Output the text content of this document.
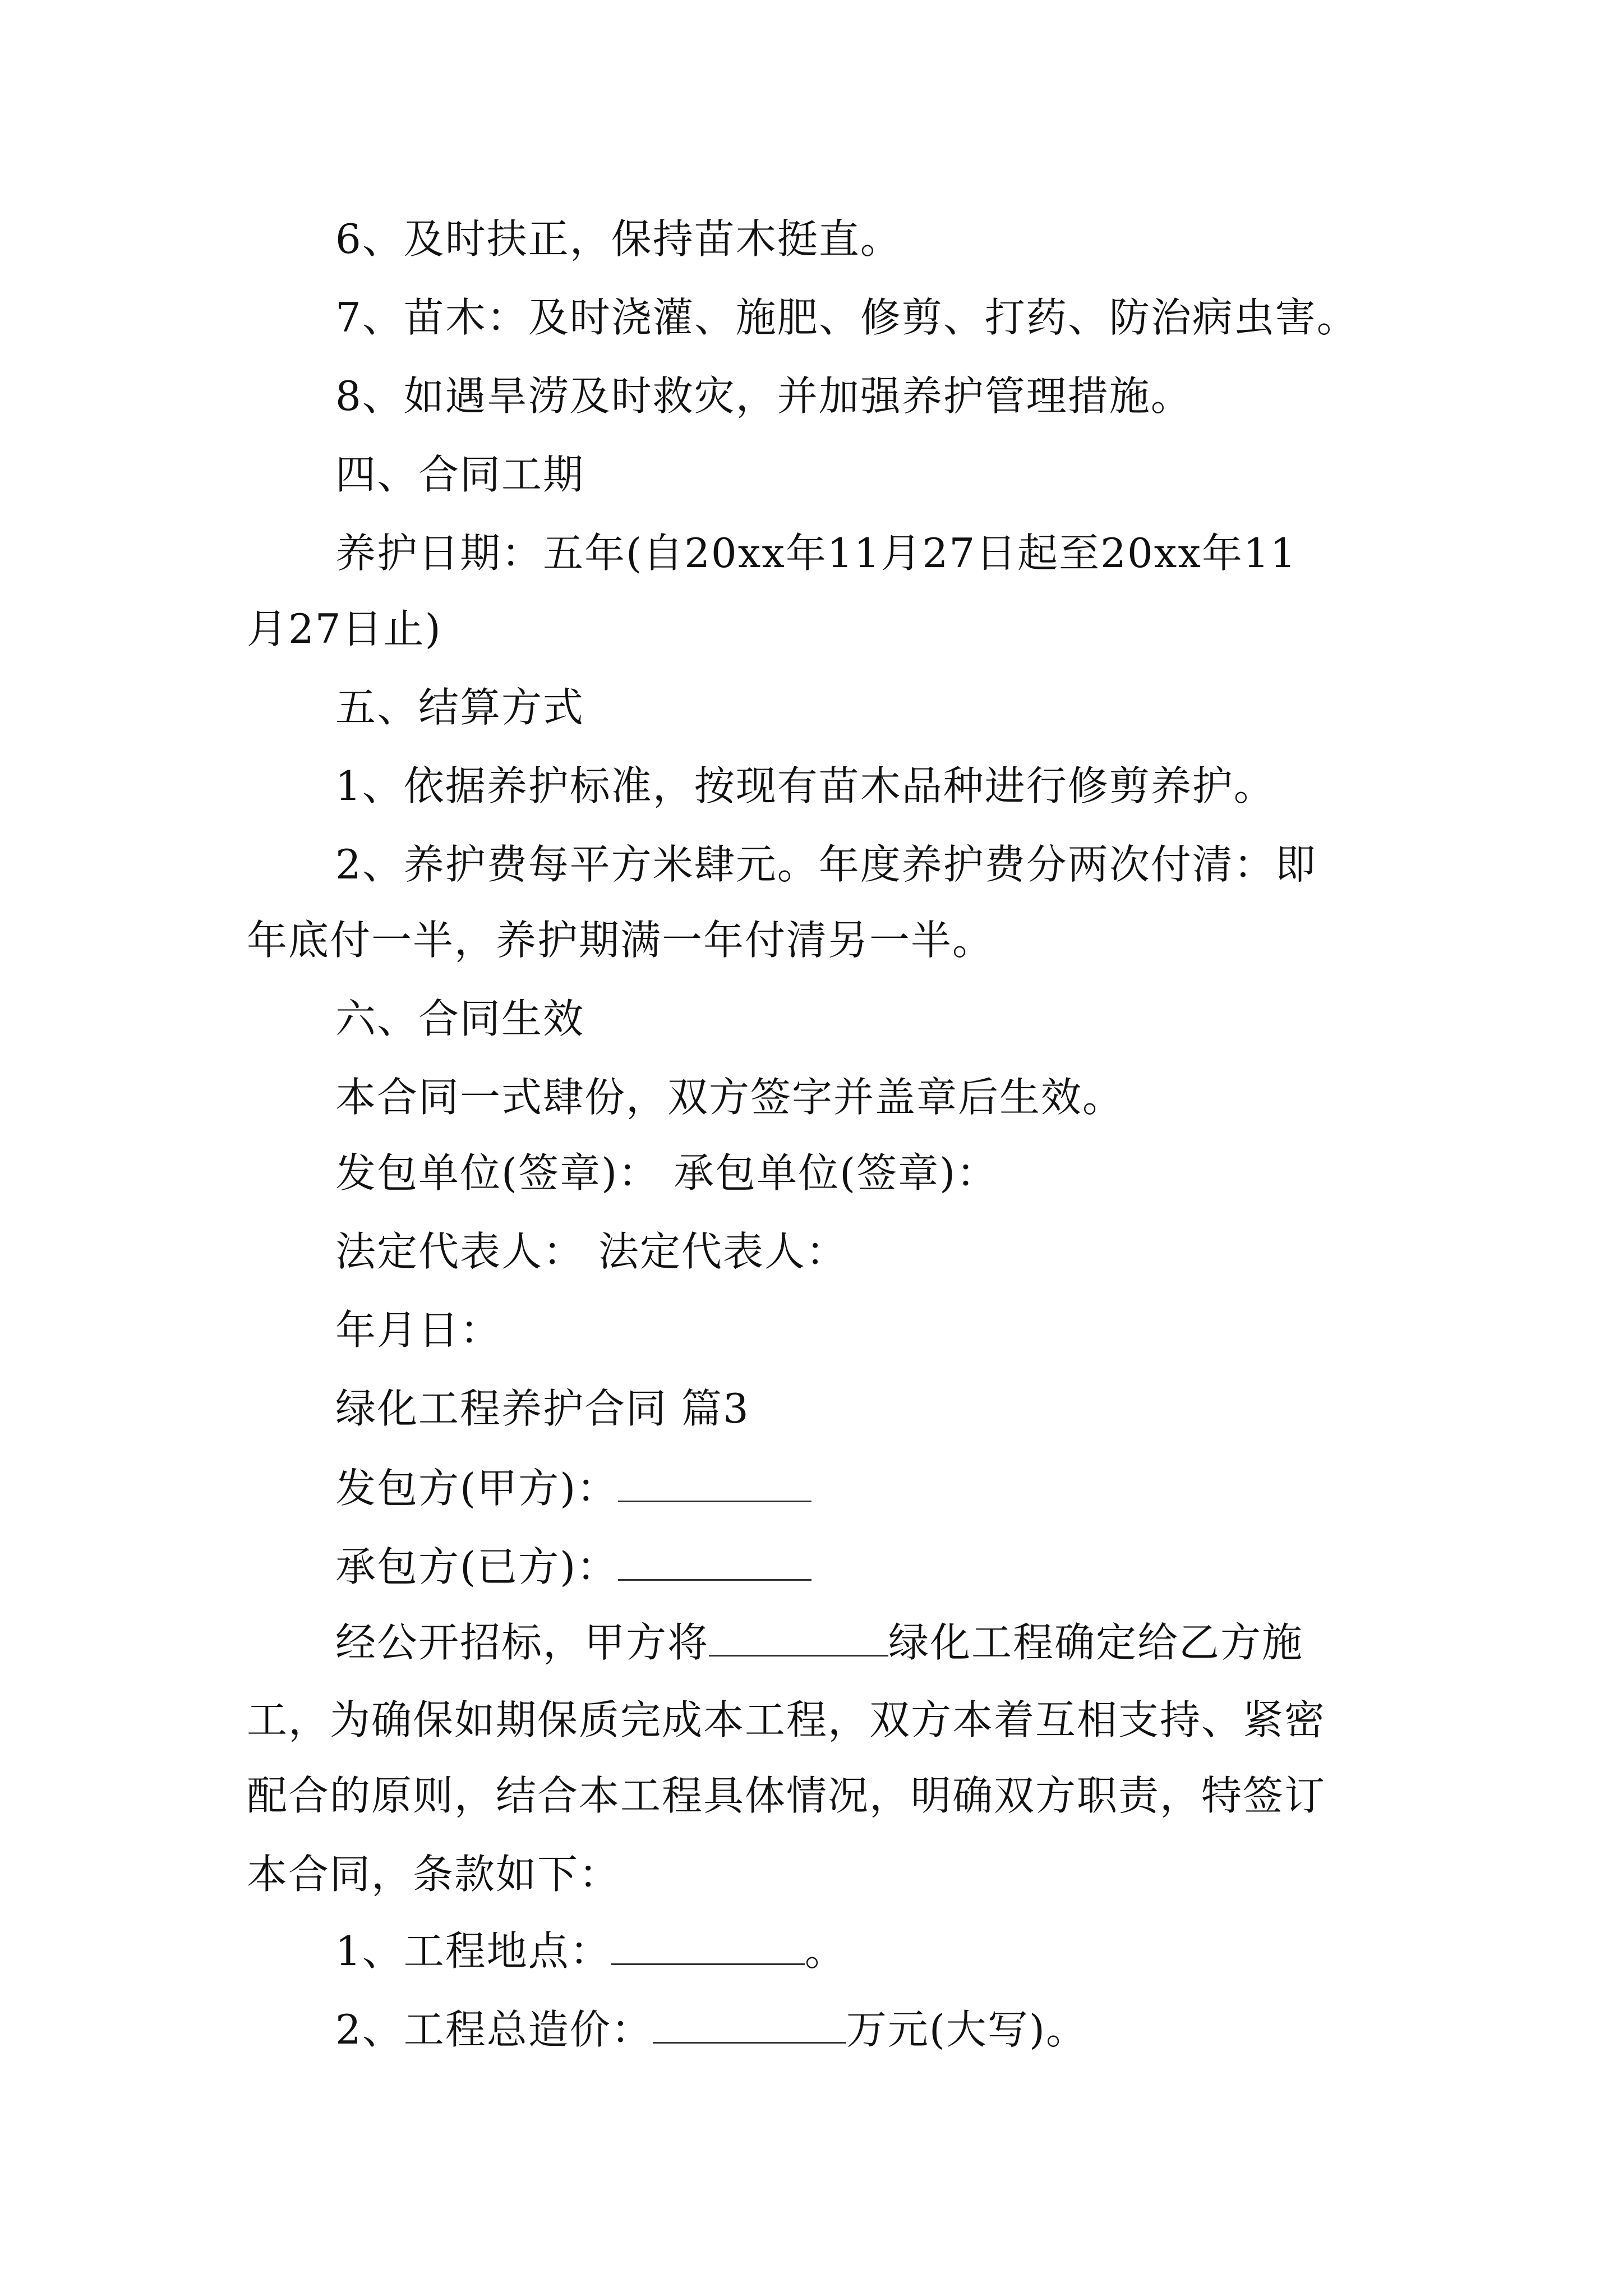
6、及时扶正，保持苗木挺直。
7、苗木：及时浇灌、施肥、修剪、打药、防治病虫害。
8、如遇旱涝及时救灾，并加强养护管理措施。
四、合同工期
养护日期：五年(自20xx年11月27日起至20xx年11
月27日止)
五、结算方式
1、依据养护标准，按现有苗木品种进行修剪养护。
2、养护费每平方米肆元。年度养护费分两次付清：即
年底付一半，养护期满一年付清另一半。
六、合同生效
本合同一式肆份，双方签字并盖章后生效。
发包单位(签章)： 承包单位(签章)：
法定代表人： 法定代表人：
年月日：
绿化工程养护合同 篇3
发包方(甲方)：
承包方(已方)：
经公开招标，甲方将	绿化工程确定给乙方施
工，为确保如期保质完成本工程，双方本着互相支持、紧密
配合的原则，结合本工程具体情况，明确双方职责，特签订
本合同，条款如下：
1、工程地点：	。
2、工程总造价：	万元(大写)。
